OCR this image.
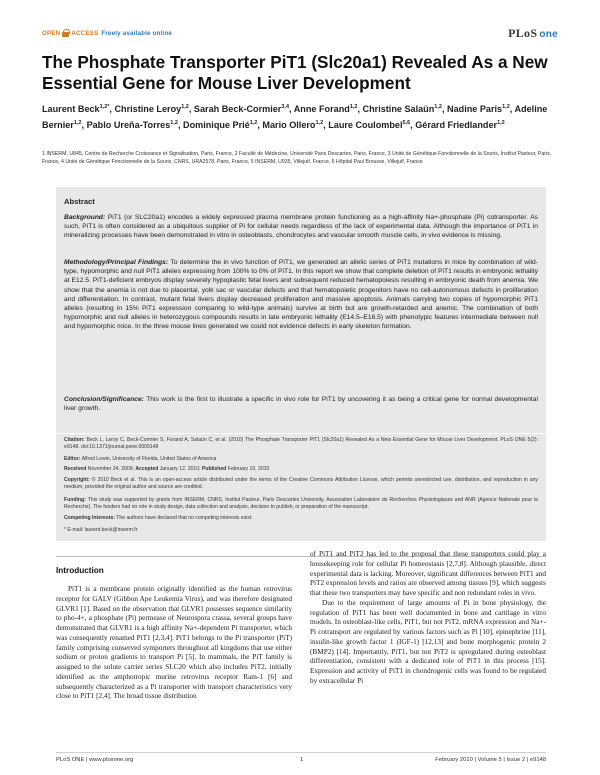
OPEN ACCESS Freely available online	PLoS one
The Phosphate Transporter PiT1 (Slc20a1) Revealed As a New Essential Gene for Mouse Liver Development
Laurent Beck$^{1,2*}$, Christine Leroy$^{1,2}$, Sarah Beck-Cormier$^{3,4}$, Anne Forand$^{1,2}$, Christine Salaün$^{1,2}$, Nadine Paris$^{1,2}$, Adeline Bernier$^{1,2}$, Pablo Ureña-Torres$^{1,2}$, Dominique Prié$^{1,2}$, Mario Ollero$^{1,2}$, Laure Coulombel$^{5,6}$, Gérard Friedlander$^{1,2}$
1 INSERM, U845, Centre de Recherche Croissance et Signalisation, Paris, France, 2 Faculté de Médecine, Université Paris Descartes, Paris, France, 3 Unité de Génétique Fonctionnelle de la Souris, Institut Pasteur, Paris, France, 4 Unité de Génétique Fonctionnelle de la Souris, CNRS, URA2578, Paris, France, 5 INSERM, U935, Villejuif, France, 6 Hôpital Paul Brousse, Villejuif, France
Abstract
Background: PiT1 (or SLC20a1) encodes a widely expressed plasma membrane protein functioning as a high-affinity Na+-phosphate (Pi) cotransporter. As such, PiT1 is often considered as a ubiquitous supplier of Pi for cellular needs regardless of the lack of experimental data. Although the importance of PiT1 in mineralizing processes have been demonstrated in vitro in osteoblasts, chondrocytes and vascular smooth muscle cells, in vivo evidence is missing.
Methodology/Principal Findings: To determine the in vivo function of PiT1, we generated an allelic series of PiT1 mutations in mice by combination of wild-type, hypomorphic and null PiT1 alleles expressing from 100% to 0% of PiT1. In this report we show that complete deletion of PiT1 results in embryonic lethality at E12.5. PiT1-deficient embryos display severely hypoplastic fetal livers and subsequent reduced hematopoiesis resulting in embryonic death from anemia. We show that the anemia is not due to placental, yolk sac or vascular defects and that hematopoietic progenitors have no cell-autonomous defects in proliferation and differentiation. In contrast, mutant fetal livers display decreased proliferation and massive apoptosis. Animals carrying two copies of hypomorphic PiT1 alleles (resulting in 15% PiT1 expression comparing to wild-type animals) survive at birth but are growth-retarded and anemic. The combination of both hypomorphic and null alleles in heterozygous compounds results in late embryonic lethality (E14.5–E16.5) with phenotypic features intermediate between null and hypomorphic mice. In the three mouse lines generated we could not evidence defects in early skeleton formation.
Conclusion/Significance: This work is the first to illustrate a specific in vivo role for PiT1 by uncovering it as being a critical gene for normal developmental liver growth.
Citation: Beck L, Leroy C, Beck-Cormier S, Forand A, Salaün C, et al. (2010) The Phosphate Transporter PiT1 (Slc20a1) Revealed As a New Essential Gene for Mouse Liver Development. PLoS ONE 5(2): e9148. doi:10.1371/journal.pone.0009148
Editor: Alfred Lewin, University of Florida, United States of America
Received November 24, 2009; Accepted January 12, 2010; Published February 10, 2010
Copyright: © 2010 Beck et al. This is an open-access article distributed under the terms of the Creative Commons Attribution License, which permits unrestricted use, distribution, and reproduction in any medium, provided the original author and source are credited.
Funding: This study was supported by grants from INSERM, CNRS, Institut Pasteur, Paris Descartes University, Association Laboratoire de Recherches Physiologiques and ANR (Agence Nationale pour la Recherche). The funders had no role in study design, data collection and analysis, decision to publish, or preparation of the manuscript.
Competing Interests: The authors have declared that no competing interests exist.
* E-mail: laurent.beck@inserm.fr
Introduction
PiT1 is a membrane protein originally identified as the human retrovirus receptor for GALV (Gibbon Ape Leukemia Virus), and was therefore designated GLVR1 [1]. Based on the observation that GLVR1 possesses sequence similarity to pho-4+, a phosphate (Pi) permease of Neurospora crassa, several groups have demonstrated that GLVR1 is a high affinity Na+-dependent Pi transporter, which was consequently renamed PiT1 [2,3,4]. PiT1 belongs to the Pi transporter (PiT) family comprising conserved symporters throughout all kingdoms that use either sodium or proton gradients to transport Pi [5]. In mammals, the PiT family is assigned to the solute carrier series SLC20 which also includes PiT2, initially identified as the amphotropic murine retrovirus receptor Ram-1 [6] and subsequently characterized as a Pi transporter with transport characteristics very close to PiT1 [2,4]. The broad tissue distribution

of PiT1 and PiT2 has led to the proposal that these transporters could play a housekeeping role for cellular Pi homeostasis [2,7,8]. Although plausible, direct experimental data is lacking. Moreover, significant differences between PiT1 and PiT2 expression levels and ratios are observed among tissues [9], which suggests that these two transporters may have specific and non redundant roles in vivo.

Due to the requirement of large amounts of Pi in bone physiology, the regulation of PiT1 has been well documented in bone and cartilage in vitro models. In osteoblast-like cells, PiT1, but not PiT2, mRNA expression and Na+-Pi cotransport are regulated by various factors such as Pi [10], epinephrine [11], insulin-like growth factor 1 (IGF-1) [12,13] and bone morphogenic protein 2 (BMP2) [14]. Importantly, PiT1, but not PiT2 is upregulated during osteoblast differentiation, consistent with a dedicated role of PiT1 in this process [15]. Expression and activity of PiT1 in chondrogenic cells was found to be regulated by extracellular Pi

PLoS ONE | www.plosone.org	1	February 2010 | Volume 5 | Issue 2 | e9148
